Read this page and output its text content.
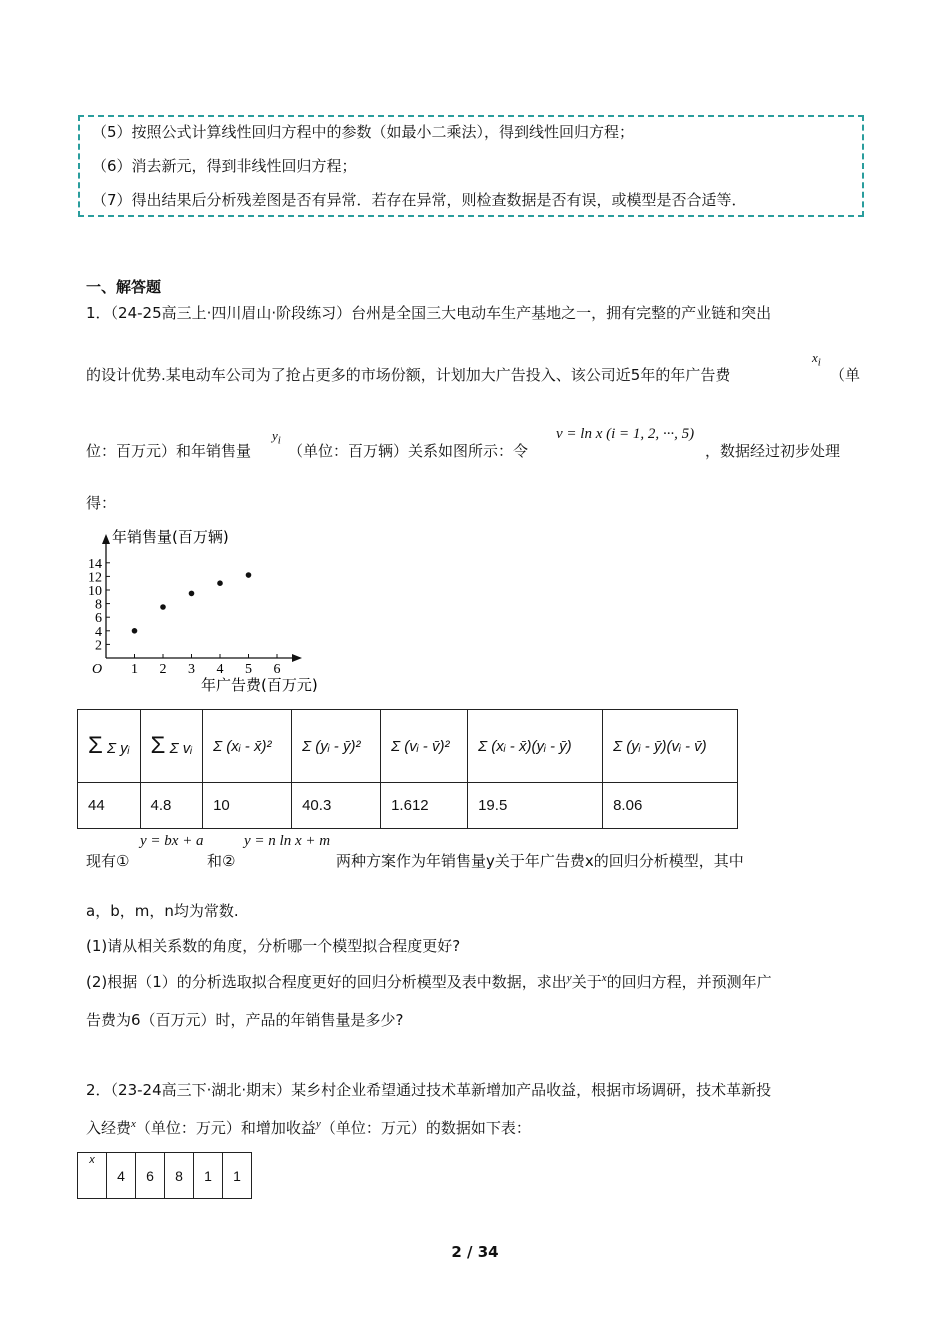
（5）按照公式计算线性回归方程中的参数（如最小二乘法），得到线性回归方程；

（6）消去新元，得到非线性回归方程；

（7）得出结果后分析残差图是否有异常．若存在异常，则检查数据是否有误，或模型是否合适等．

一、解答题
1．（24-25高三上·四川眉山·阶段练习）台州是全国三大电动车生产基地之一，拥有完整的产业链和突出
的设计优势.某电动车公司为了抢占更多的市场份额，计划加大广告投入、该公司近5年的年广告费
$x_i$
（单
位：百万元）和年销售量
$y_i$
（单位：百万辆）关系如图所示：令
v = ln x (i = 1, 2, ···, 5)
，数据经过初步处理
得：
1 2 3 4 5 6
2
4
6
8
10
12
14
O
年销售量(百万辆)
年广告费(百万元)
Σ Σ yᵢ	Σ Σ vᵢ	Σ (xᵢ - x̄)²	Σ (yᵢ - ȳ)²	Σ (vᵢ - v̄)²	Σ (xᵢ - x̄)(yᵢ - ȳ)	Σ (yᵢ - ȳ)(vᵢ - v̄)
44	4.8	10	40.3	1.612	19.5	8.06
现有①
y = bx + a
和②
y = n ln x + m
两种方案作为年销售量y关于年广告费x的回归分析模型，其中
a，b，m，n均为常数.
(1)请从相关系数的角度，分析哪一个模型拟合程度更好?
(2)根据（1）的分析选取拟合程度更好的回归分析模型及表中数据，求出$^y$关于$^x$的回归方程，并预测年广
告费为6（百万元）时，产品的年销售量是多少?
2．（23-24高三下·湖北·期末）某乡村企业希望通过技术革新增加产品收益，根据市场调研，技术革新投
入经费$^x$（单位：万元）和增加收益$^y$（单位：万元）的数据如下表：
x	4	6	8	1	1
2 / 34
